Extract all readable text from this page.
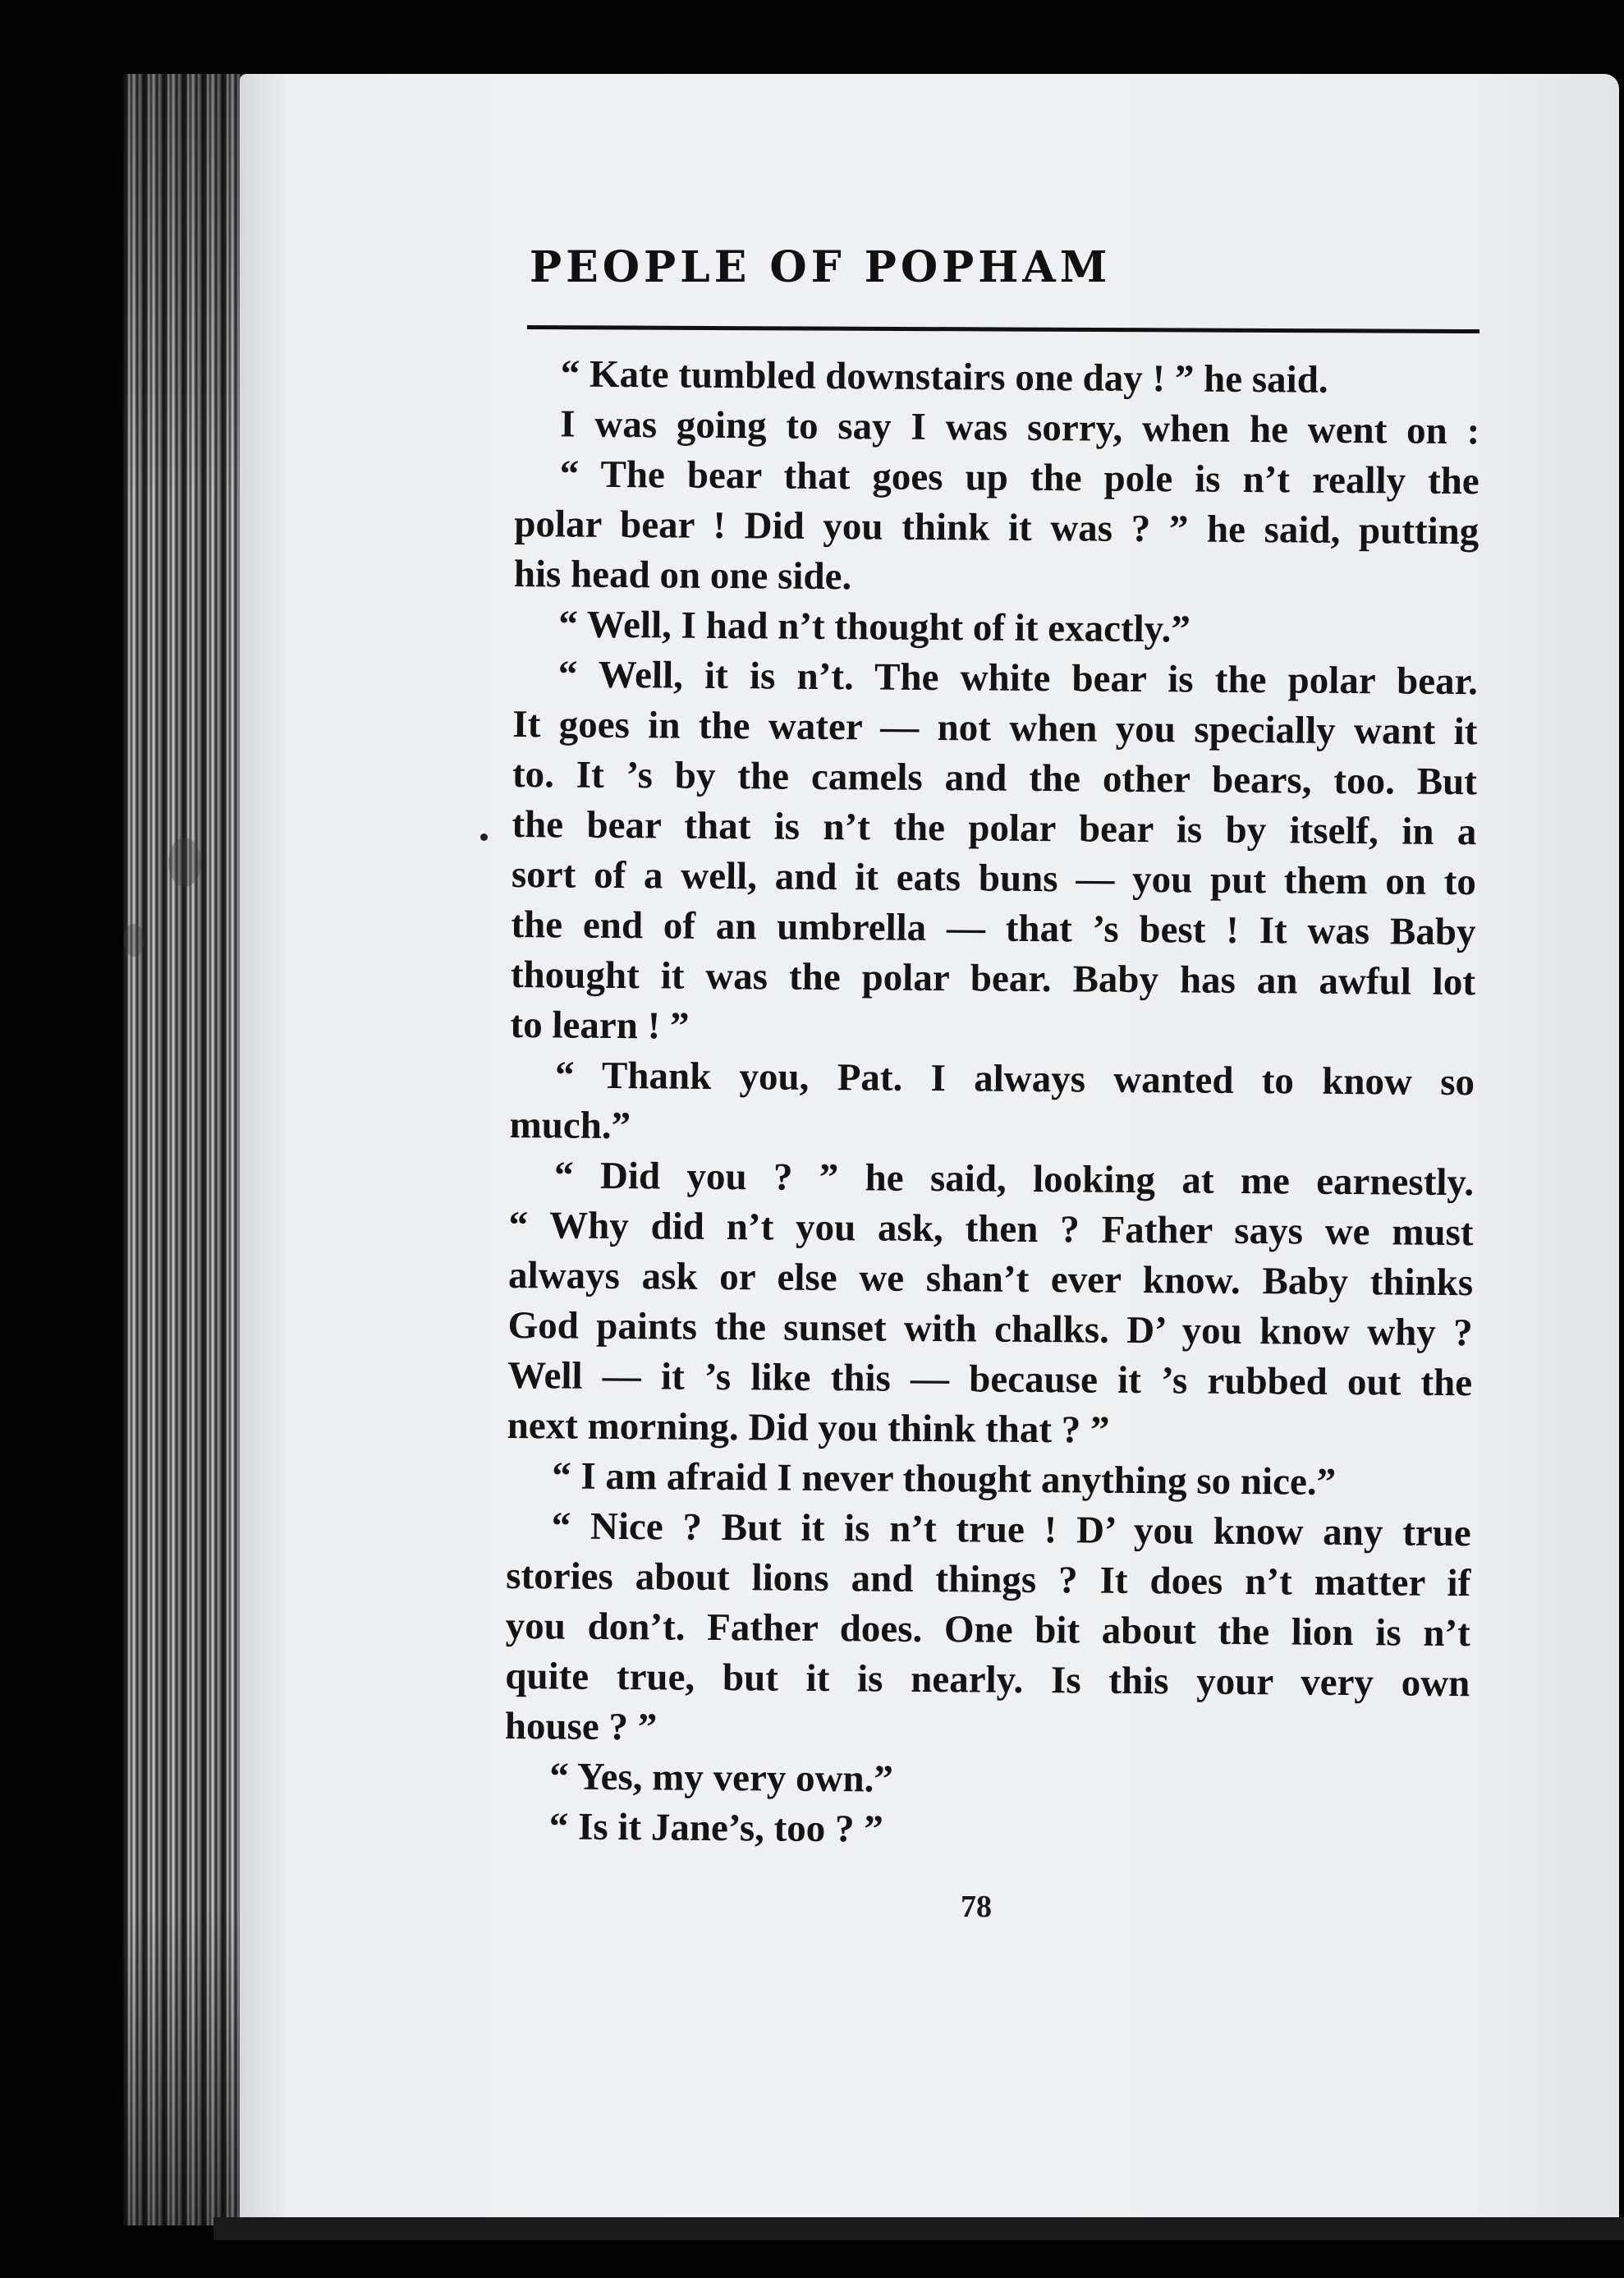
PEOPLE OF POPHAM
“ Kate tumbled downstairs one day ! ” he said.
I was going to say I was sorry, when he went on :
“ The bear that goes up the pole is n’t really the
polar bear ! Did you think it was ? ” he said, putting
his head on one side.
“ Well, I had n’t thought of it exactly.”
“ Well, it is n’t. The white bear is the polar bear.
It goes in the water — not when you specially want it
to. It ’s by the camels and the other bears, too. But
the bear that is n’t the polar bear is by itself, in a
sort of a well, and it eats buns — you put them on to
the end of an umbrella — that ’s best ! It was Baby
thought it was the polar bear. Baby has an awful lot
to learn ! ”
“ Thank you, Pat. I always wanted to know so
much.”
“ Did you ? ” he said, looking at me earnestly.
“ Why did n’t you ask, then ? Father says we must
always ask or else we shan’t ever know. Baby thinks
God paints the sunset with chalks. D’ you know why ?
Well — it ’s like this — because it ’s rubbed out the
next morning. Did you think that ? ”
“ I am afraid I never thought anything so nice.”
“ Nice ? But it is n’t true ! D’ you know any true
stories about lions and things ? It does n’t matter if
you don’t. Father does. One bit about the lion is n’t
quite true, but it is nearly. Is this your very own
house ? ”
“ Yes, my very own.”
“ Is it Jane’s, too ? ”
78
